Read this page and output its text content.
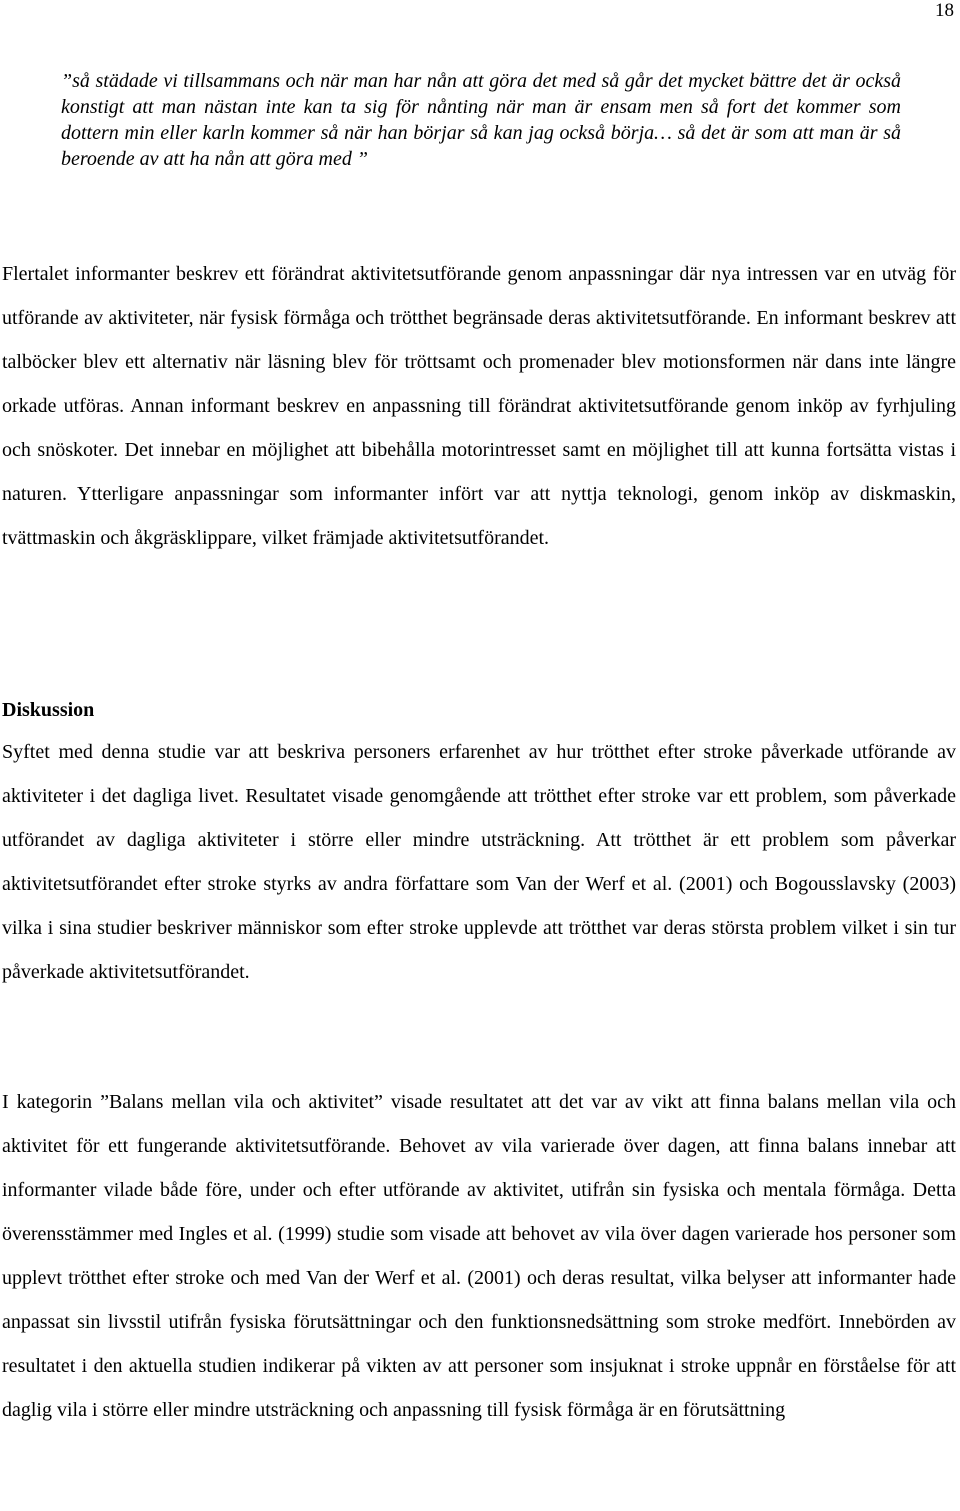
18

”så städade vi tillsammans och när man har nån att göra det med så går det mycket bättre det är också konstigt att man nästan inte kan ta sig för nånting när man är ensam men så fort det kommer som dottern min eller karln kommer så när han börjar så kan jag också börja… så det är som att man är så beroende av att ha nån att göra med ”

Flertalet informanter beskrev ett förändrat aktivitetsutförande genom anpassningar där nya intressen var en utväg för utförande av aktiviteter, när fysisk förmåga och trötthet begränsade deras aktivitetsutförande. En informant beskrev att talböcker blev ett alternativ när läsning blev för tröttsamt och promenader blev motionsformen när dans inte längre orkade utföras. Annan informant beskrev en anpassning till förändrat aktivitetsutförande genom inköp av fyrhjuling och snöskoter. Det innebar en möjlighet att bibehålla motorintresset samt en möjlighet till att kunna fortsätta vistas i naturen. Ytterligare anpassningar som informanter infört var att nyttja teknologi, genom inköp av diskmaskin, tvättmaskin och åkgräsklippare, vilket främjade aktivitetsutförandet.

Diskussion

Syftet med denna studie var att beskriva personers erfarenhet av hur trötthet efter stroke påverkade utförande av aktiviteter i det dagliga livet. Resultatet visade genomgående att trötthet efter stroke var ett problem, som påverkade utförandet av dagliga aktiviteter i större eller mindre utsträckning. Att trötthet är ett problem som påverkar aktivitetsutförandet efter stroke styrks av andra författare som Van der Werf et al. (2001) och Bogousslavsky (2003) vilka i sina studier beskriver människor som efter stroke upplevde att trötthet var deras största problem vilket i sin tur påverkade aktivitetsutförandet.

I kategorin ”Balans mellan vila och aktivitet” visade resultatet att det var av vikt att finna balans mellan vila och aktivitet för ett fungerande aktivitetsutförande. Behovet av vila varierade över dagen, att finna balans innebar att informanter vilade både före, under och efter utförande av aktivitet, utifrån sin fysiska och mentala förmåga. Detta överensstämmer med Ingles et al. (1999) studie som visade att behovet av vila över dagen varierade hos personer som upplevt trötthet efter stroke och med Van der Werf et al. (2001) och deras resultat, vilka belyser att informanter hade anpassat sin livsstil utifrån fysiska förutsättningar och den funktionsnedsättning som stroke medfört. Innebörden av resultatet i den aktuella studien indikerar på vikten av att personer som insjuknat i stroke uppnår en förståelse för att daglig vila i större eller mindre utsträckning och anpassning till fysisk förmåga är en förutsättning
